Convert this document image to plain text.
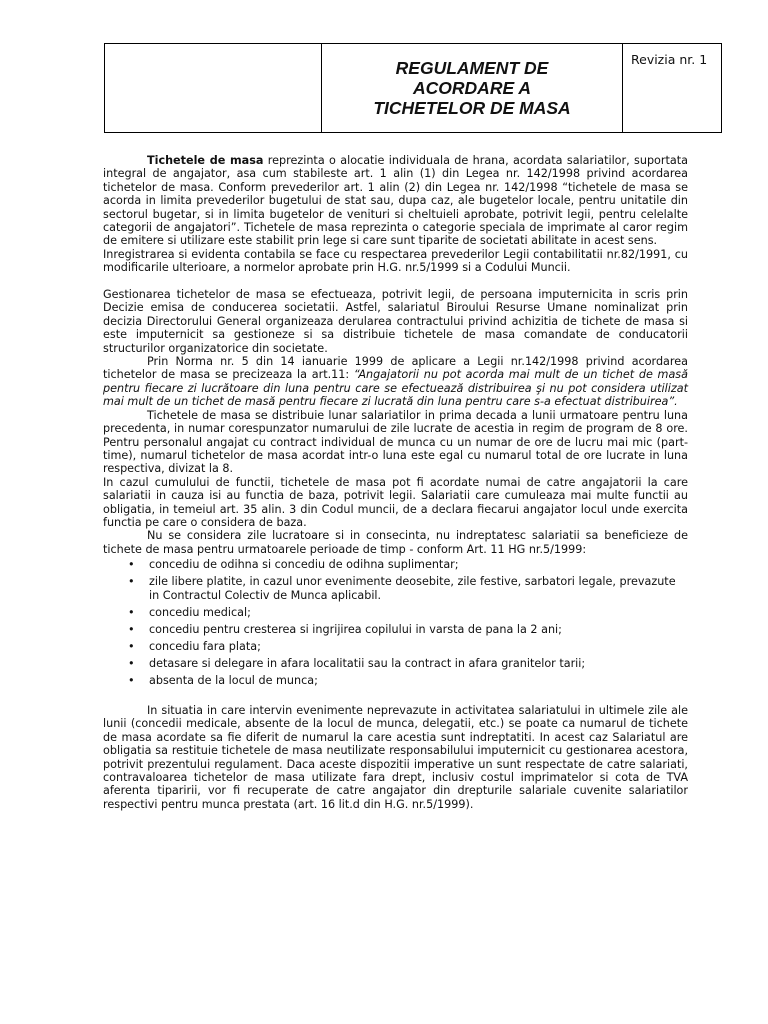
REGULAMENT DE
ACORDARE A
TICHETELOR DE MASA
	Revizia nr. 1

Tichetele de masa reprezinta o alocatie individuala de hrana, acordata salariatilor, suportata integral de angajator, asa cum stabileste art. 1 alin (1) din Legea nr. 142/1998 privind acordarea tichetelor de masa. Conform prevederilor art. 1 alin (2) din Legea nr. 142/1998 “tichetele de masa se acorda in limita prevederilor bugetului de stat sau, dupa caz, ale bugetelor locale, pentru unitatile din sectorul bugetar, si in limita bugetelor de venituri si cheltuieli aprobate, potrivit legii, pentru celelalte categorii de angajatori”. Tichetele de masa reprezinta o categorie speciala de imprimate al caror regim de emitere si utilizare este stabilit prin lege si care sunt tiparite de societati abilitate in acest sens.

Inregistrarea si evidenta contabila se face cu respectarea prevederilor Legii contabilitatii nr.82/1991, cu modificarile ulterioare, a normelor aprobate prin H.G. nr.5/1999 si a Codului Muncii.

Gestionarea tichetelor de masa se efectueaza, potrivit legii, de persoana imputernicita in scris prin Decizie emisa de conducerea societatii. Astfel, salariatul Biroului Resurse Umane nominalizat prin decizia Directorului General organizeaza derularea contractului privind achizitia de tichete de masa si este imputernicit sa gestioneze si sa distribuie tichetele de masa comandate de conducatorii structurilor organizatorice din societate.

Prin Norma nr. 5 din 14 ianuarie 1999 de aplicare a Legii nr.142/1998 privind acordarea tichetelor de masa se precizeaza la art.11: “Angajatorii nu pot acorda mai mult de un tichet de masă pentru fiecare zi lucrătoare din luna pentru care se efectuează distribuirea şi nu pot considera utilizat mai mult de un tichet de masă pentru fiecare zi lucrată din luna pentru care s-a efectuat distribuirea”.

Tichetele de masa se distribuie lunar salariatilor in prima decada a lunii urmatoare pentru luna precedenta, in numar corespunzator numarului de zile lucrate de acestia in regim de program de 8 ore. Pentru personalul angajat cu contract individual de munca cu un numar de ore de lucru mai mic (part-time), numarul tichetelor de masa acordat intr-o luna este egal cu numarul total de ore lucrate in luna respectiva, divizat la 8.

In cazul cumulului de functii, tichetele de masa pot fi acordate numai de catre angajatorii la care salariatii in cauza isi au functia de baza, potrivit legii. Salariatii care cumuleaza mai multe functii au obligatia, in temeiul art. 35 alin. 3 din Codul muncii, de a declara fiecarui angajator locul unde exercita functia pe care o considera de baza.

Nu se considera zile lucratoare si in consecinta, nu indreptatesc salariatii sa beneficieze de tichete de masa pentru urmatoarele perioade de timp - conform Art. 11 HG nr.5/1999:

• concediu de odihna si concediu de odihna suplimentar;
• zile libere platite, in cazul unor evenimente deosebite, zile festive, sarbatori legale, prevazute in Contractul Colectiv de Munca aplicabil.
• concediu medical;
• concediu pentru cresterea si ingrijirea copilului in varsta de pana la 2 ani;
• concediu fara plata;
• detasare si delegare in afara localitatii sau la contract in afara granitelor tarii;
• absenta de la locul de munca;

In situatia in care intervin evenimente neprevazute in activitatea salariatului in ultimele zile ale lunii (concedii medicale, absente de la locul de munca, delegatii, etc.) se poate ca numarul de tichete de masa acordate sa fie diferit de numarul la care acestia sunt indreptatiti. In acest caz Salariatul are obligatia sa restituie tichetele de masa neutilizate responsabilului imputernicit cu gestionarea acestora, potrivit prezentului regulament. Daca aceste dispozitii imperative un sunt respectate de catre salariati, contravaloarea tichetelor de masa utilizate fara drept, inclusiv costul imprimatelor si cota de TVA aferenta tiparirii, vor fi recuperate de catre angajator din drepturile salariale cuvenite salariatilor respectivi pentru munca prestata (art. 16 lit.d din H.G. nr.5/1999).
